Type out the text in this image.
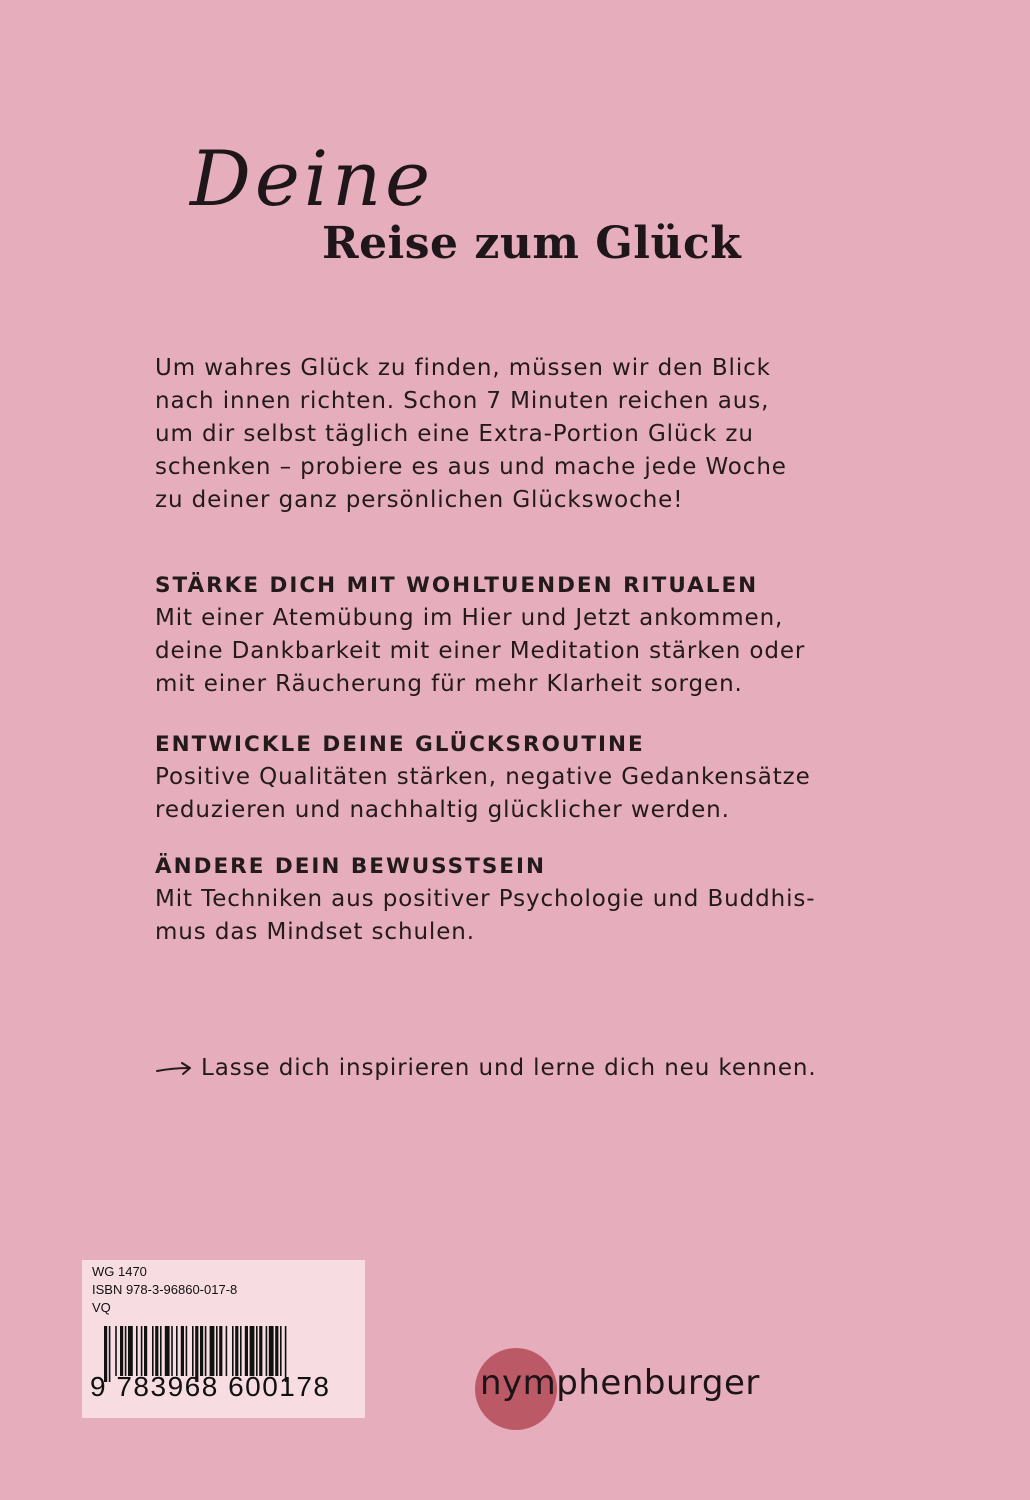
Deine
Reise zum Glück
Um wahres Glück zu finden, müssen wir den Blick
nach innen richten. Schon 7 Minuten reichen aus,
um dir selbst täglich eine Extra-Portion Glück zu
schenken – probiere es aus und mache jede Woche
zu deiner ganz persönlichen Glückswoche!
STÄRKE DICH MIT WOHLTUENDEN RITUALEN
Mit einer Atemübung im Hier und Jetzt ankommen,
deine Dankbarkeit mit einer Meditation stärken oder
mit einer Räucherung für mehr Klarheit sorgen.
ENTWICKLE DEINE GLÜCKSROUTINE
Positive Qualitäten stärken, negative Gedankensätze
reduzieren und nachhaltig glücklicher werden.
ÄNDERE DEIN BEWUSSTSEIN
Mit Techniken aus positiver Psychologie und Buddhis-
mus das Mindset schulen.
Lasse dich inspirieren und lerne dich neu kennen.
WG 1470
ISBN 978-3-96860-017-8
VQ
9 783968 600178	nymphenburger
